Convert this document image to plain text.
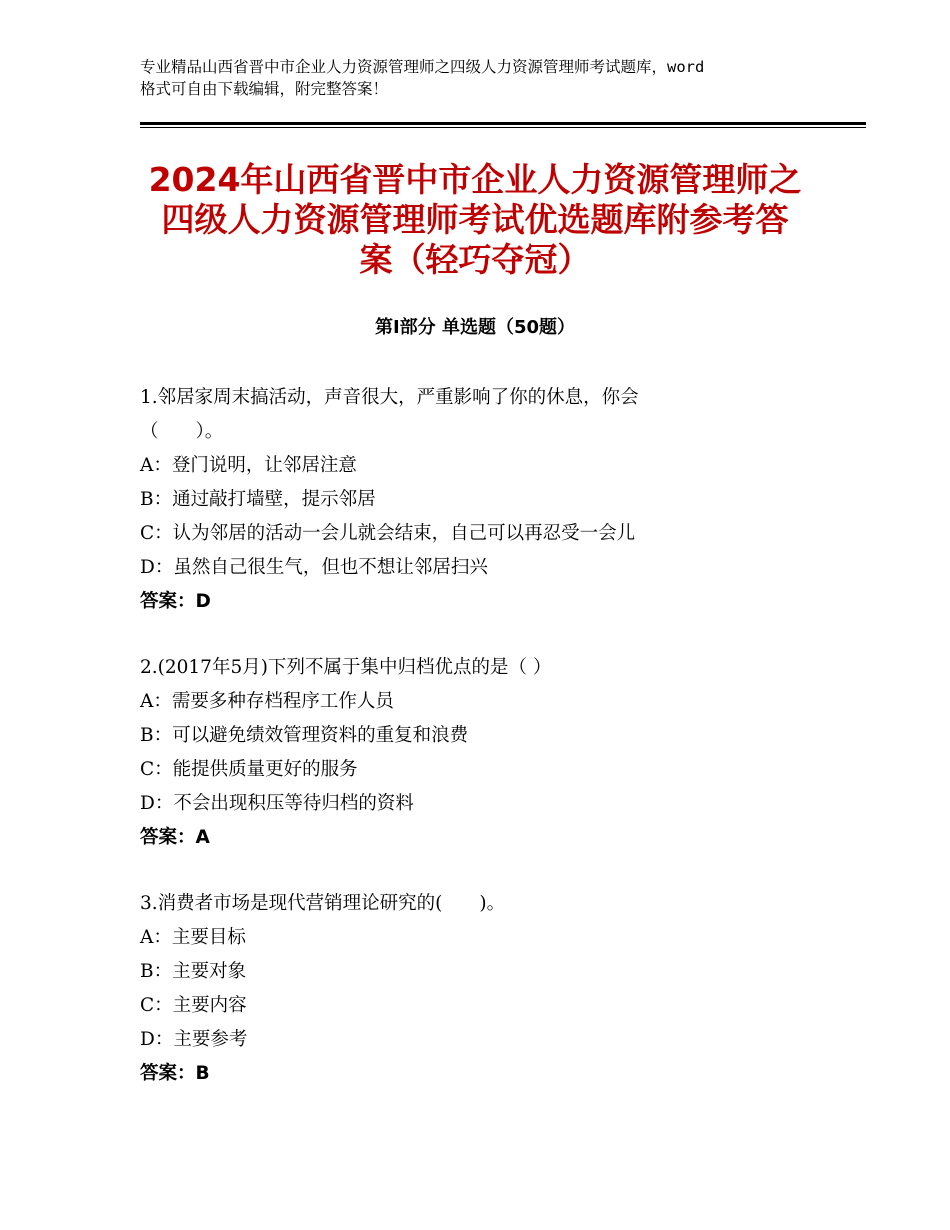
专业精品山西省晋中市企业人力资源管理师之四级人力资源管理师考试题库，word
格式可自由下载编辑，附完整答案！
2024年山西省晋中市企业人力资源管理师之
四级人力资源管理师考试优选题库附参考答
案（轻巧夺冠）
第Ⅰ部分 单选题（50题）
1.邻居家周末搞活动，声音很大，严重影响了你的休息，你会
（　　）。
A：登门说明，让邻居注意
B：通过敲打墙壁，提示邻居
C：认为邻居的活动一会儿就会结束，自己可以再忍受一会儿
D：虽然自己很生气，但也不想让邻居扫兴
答案：D
2.(2017年5月)下列不属于集中归档优点的是（ ）
A：需要多种存档程序工作人员
B：可以避免绩效管理资料的重复和浪费
C：能提供质量更好的服务
D：不会出现积压等待归档的资料
答案：A
3.消费者市场是现代营销理论研究的(　　)。
A：主要目标
B：主要对象
C：主要内容
D：主要参考
答案：B
